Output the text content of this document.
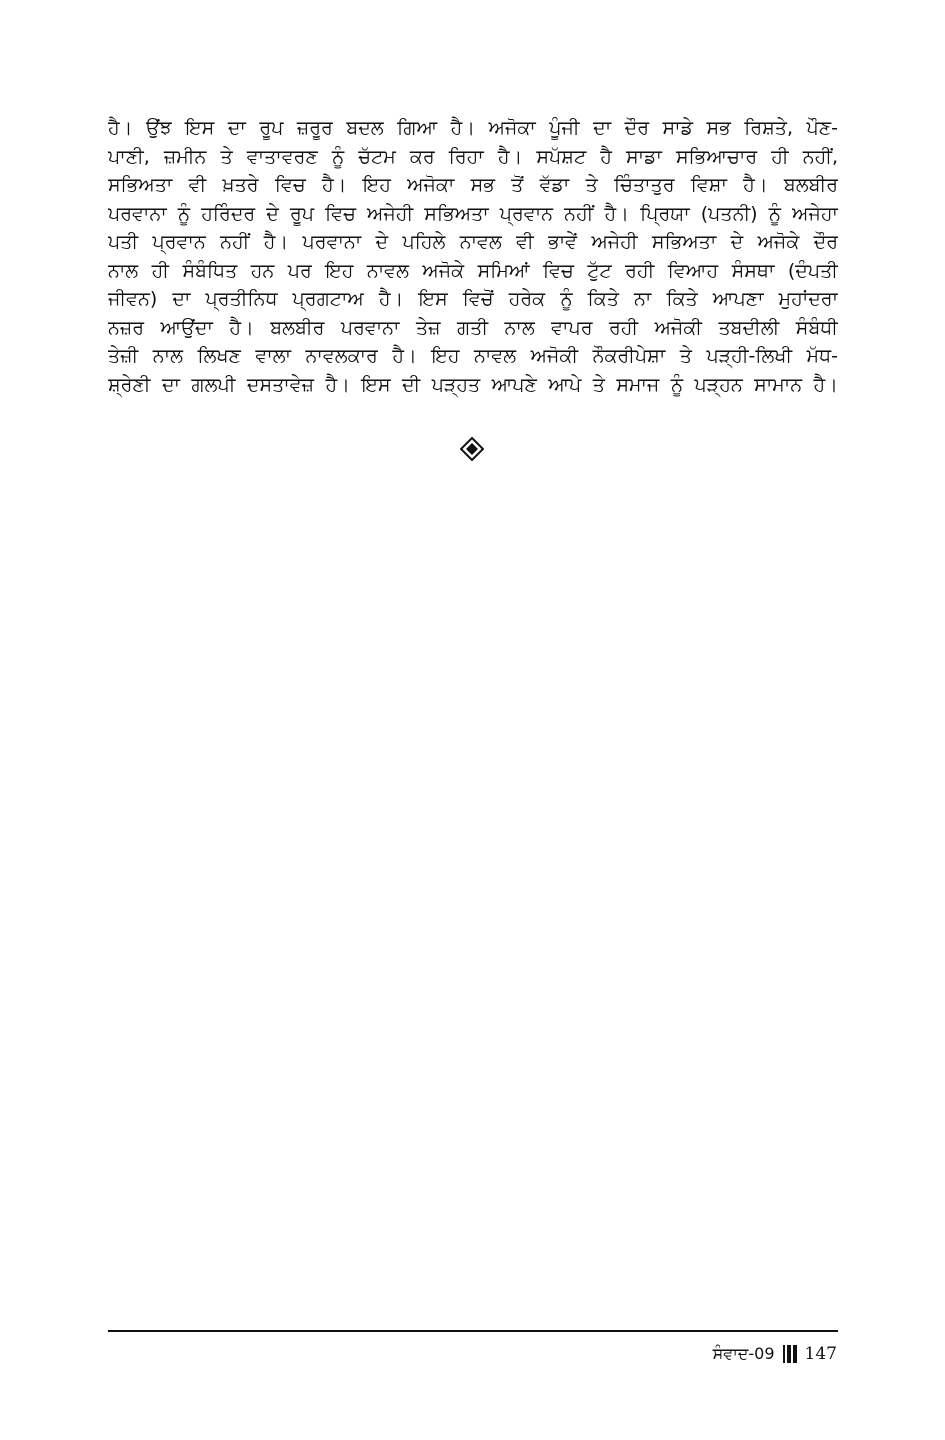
ਹੈ। ਉਂਝ ਇਸ ਦਾ ਰੂਪ ਜ਼ਰੂਰ ਬਦਲ ਗਿਆ ਹੈ। ਅਜੋਕਾ ਪੂੰਜੀ ਦਾ ਦੌਰ ਸਾਡੇ ਸਭ ਰਿਸ਼ਤੇ, ਪੌਣ-
ਪਾਣੀ, ਜ਼ਮੀਨ ਤੇ ਵਾਤਾਵਰਣ ਨੂੰ ਚੱਟਮ ਕਰ ਰਿਹਾ ਹੈ। ਸਪੱਸ਼ਟ ਹੈ ਸਾਡਾ ਸਭਿਆਚਾਰ ਹੀ ਨਹੀਂ,
ਸਭਿਅਤਾ ਵੀ ਖ਼ਤਰੇ ਵਿਚ ਹੈ। ਇਹ ਅਜੋਕਾ ਸਭ ਤੋਂ ਵੱਡਾ ਤੇ ਚਿੰਤਾਤੁਰ ਵਿਸ਼ਾ ਹੈ। ਬਲਬੀਰ
ਪਰਵਾਨਾ ਨੂੰ ਹਰਿੰਦਰ ਦੇ ਰੂਪ ਵਿਚ ਅਜੇਹੀ ਸਭਿਅਤਾ ਪ੍ਰਵਾਨ ਨਹੀਂ ਹੈ। ਪ੍ਰਿਯਾ (ਪਤਨੀ) ਨੂੰ ਅਜੇਹਾ
ਪਤੀ ਪ੍ਰਵਾਨ ਨਹੀਂ ਹੈ। ਪਰਵਾਨਾ ਦੇ ਪਹਿਲੇ ਨਾਵਲ ਵੀ ਭਾਵੇਂ ਅਜੇਹੀ ਸਭਿਅਤਾ ਦੇ ਅਜੋਕੇ ਦੌਰ
ਨਾਲ ਹੀ ਸੰਬੰਧਿਤ ਹਨ ਪਰ ਇਹ ਨਾਵਲ ਅਜੋਕੇ ਸਮਿਆਂ ਵਿਚ ਟੁੱਟ ਰਹੀ ਵਿਆਹ ਸੰਸਥਾ (ਦੰਪਤੀ
ਜੀਵਨ) ਦਾ ਪ੍ਰਤੀਨਿਧ ਪ੍ਰਗਟਾਅ ਹੈ। ਇਸ ਵਿਚੋਂ ਹਰੇਕ ਨੂੰ ਕਿਤੇ ਨਾ ਕਿਤੇ ਆਪਣਾ ਮੁਹਾਂਦਰਾ
ਨਜ਼ਰ ਆਉਂਦਾ ਹੈ। ਬਲਬੀਰ ਪਰਵਾਨਾ ਤੇਜ਼ ਗਤੀ ਨਾਲ ਵਾਪਰ ਰਹੀ ਅਜੋਕੀ ਤਬਦੀਲੀ ਸੰਬੰਧੀ
ਤੇਜ਼ੀ ਨਾਲ ਲਿਖਣ ਵਾਲਾ ਨਾਵਲਕਾਰ ਹੈ। ਇਹ ਨਾਵਲ ਅਜੋਕੀ ਨੌਕਰੀਪੇਸ਼ਾ ਤੇ ਪੜ੍ਹੀ-ਲਿਖੀ ਮੱਧ-
ਸ਼੍ਰੇਣੀ ਦਾ ਗਲਪੀ ਦਸਤਾਵੇਜ਼ ਹੈ। ਇਸ ਦੀ ਪੜ੍ਹਤ ਆਪਣੇ ਆਪੇ ਤੇ ਸਮਾਜ ਨੂੰ ਪੜ੍ਹਨ ਸਾਮਾਨ ਹੈ।
ਸੰਵਾਦ-09 147
